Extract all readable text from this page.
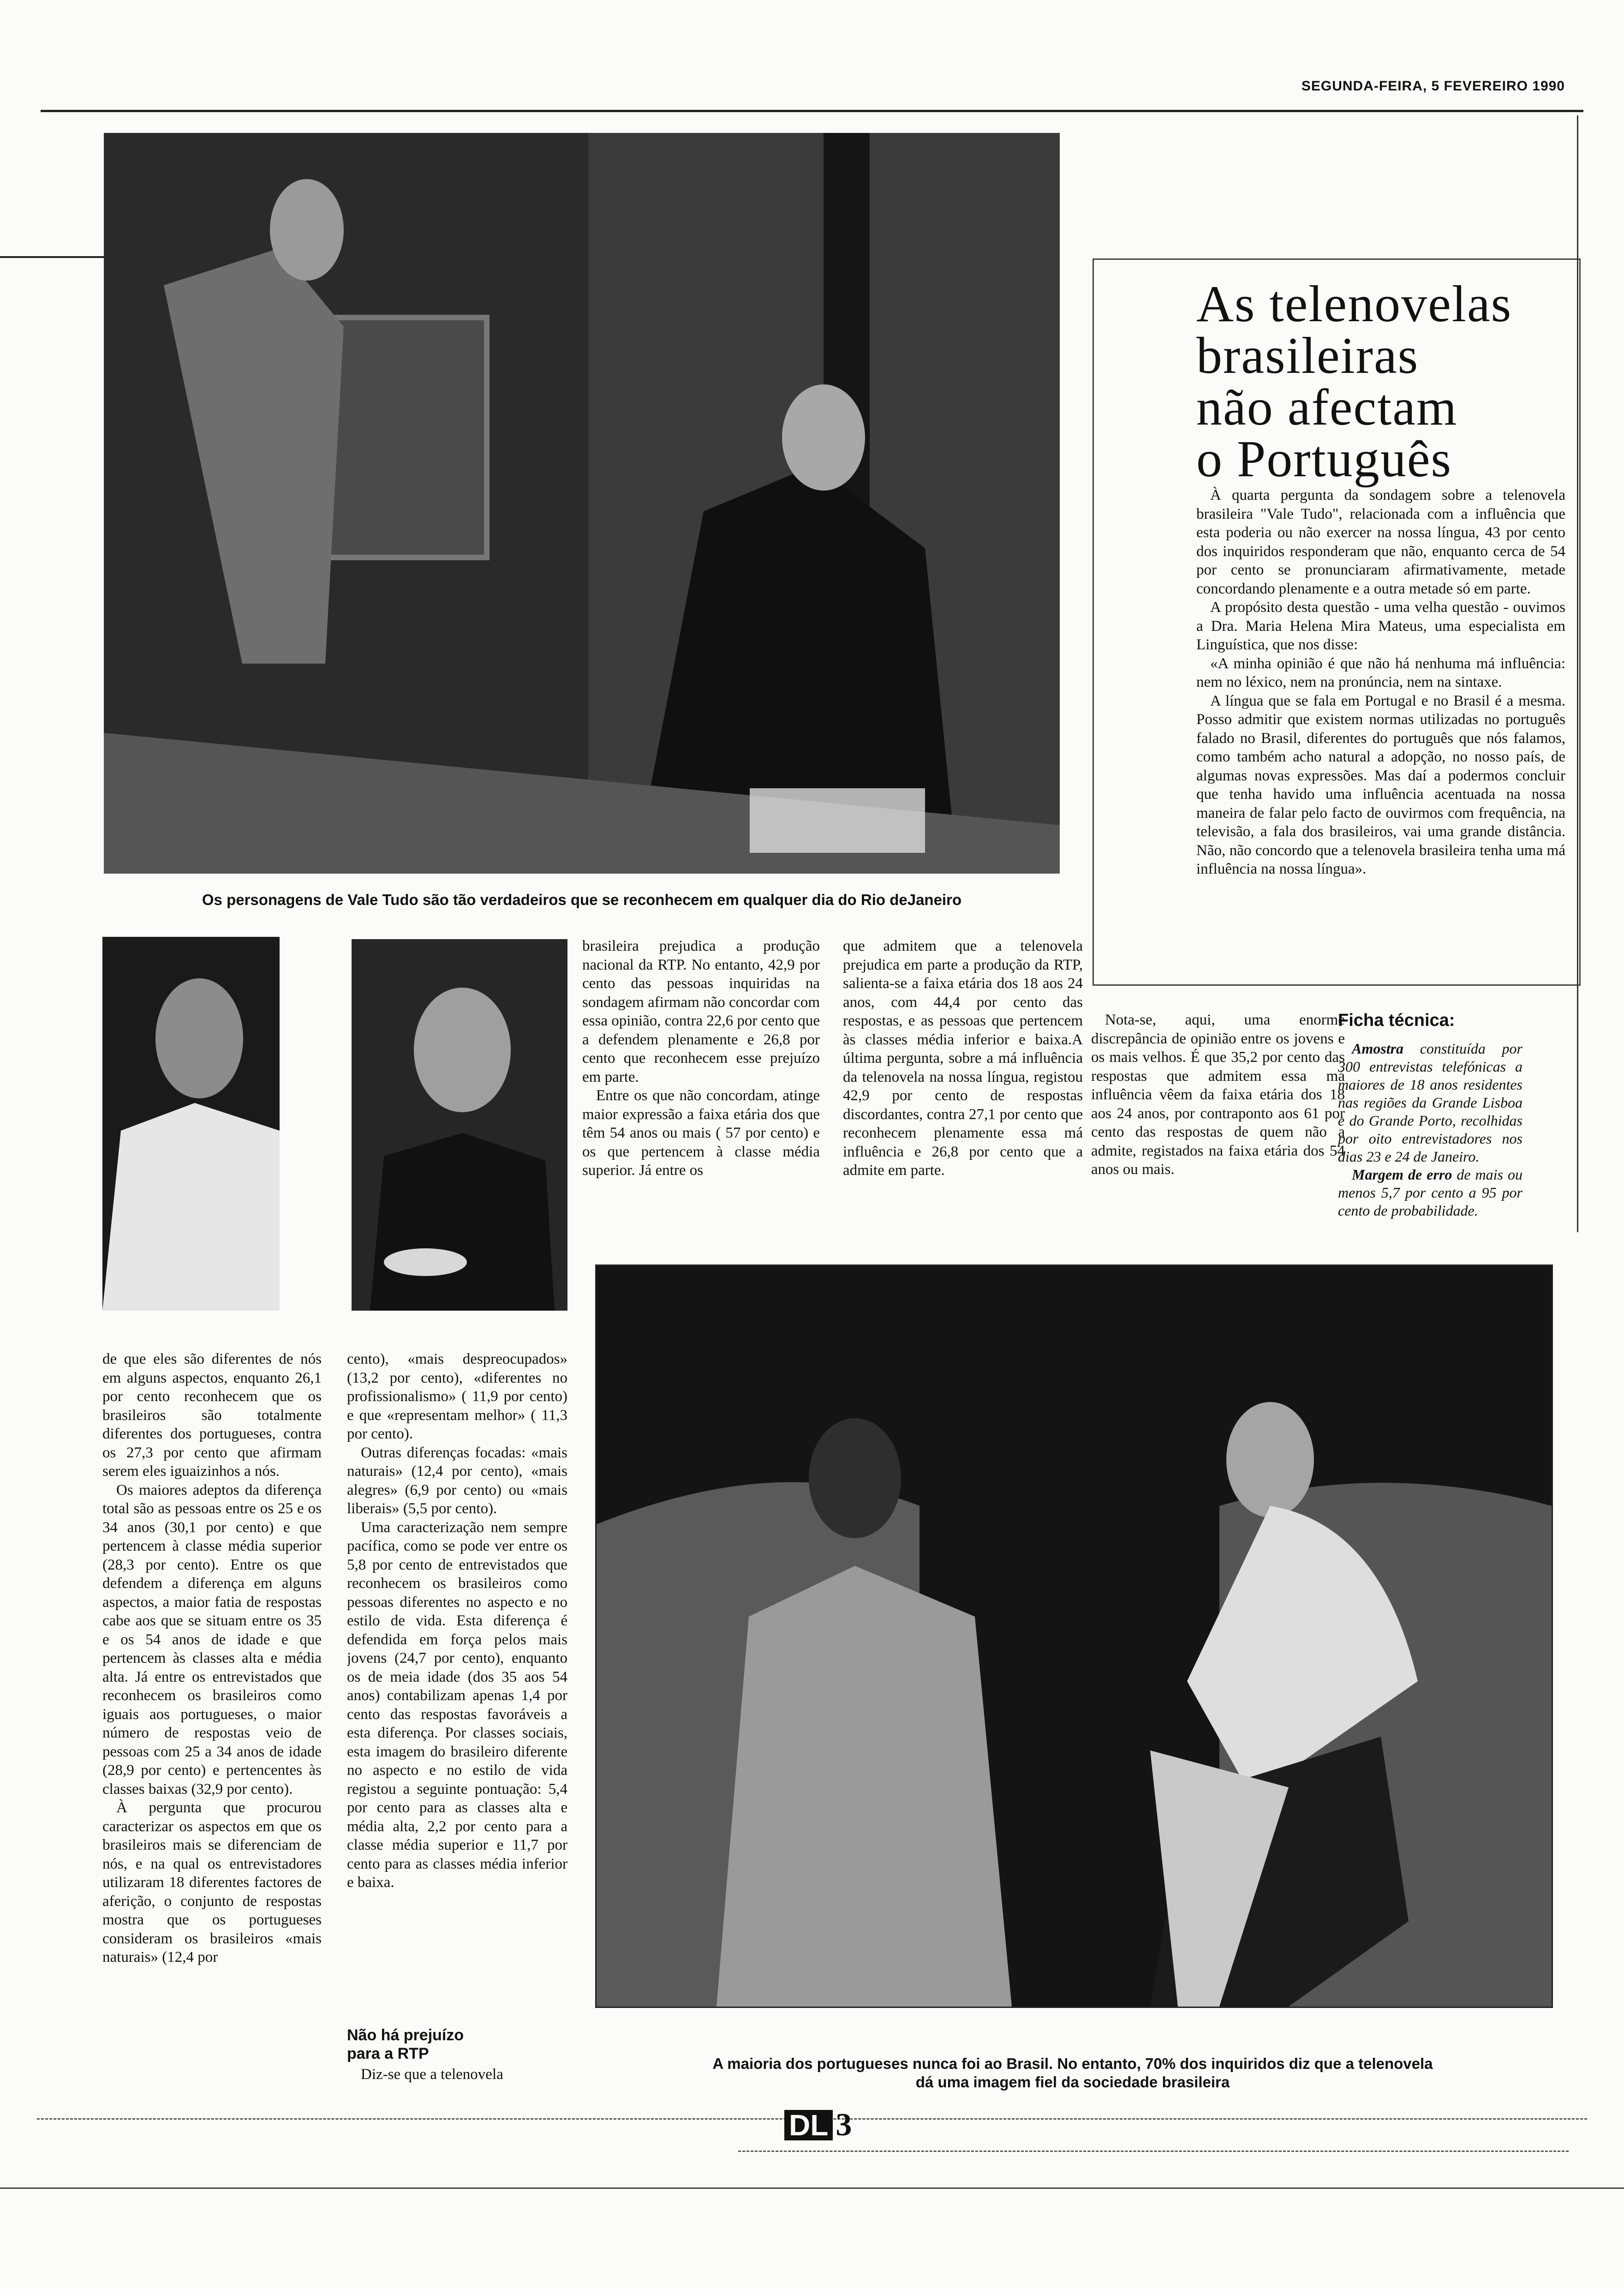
SEGUNDA-FEIRA, 5 FEVEREIRO 1990
Os personagens de Vale Tudo são tão verdadeiros que se reconhecem em qualquer dia do Rio deJaneiro
As telenovelas
brasileiras
não afectam
o Português

À quarta pergunta da sondagem sobre a telenovela brasileira "Vale Tudo", relacionada com a influência que esta poderia ou não exercer na nossa língua, 43 por cento dos inquiridos responderam que não, enquanto cerca de 54 por cento se pronunciaram afirmativamente, metade concordando plenamente e a outra metade só em parte.

A propósito desta questão - uma velha questão - ouvimos a Dra. Maria Helena Mira Mateus, uma especialista em Linguística, que nos disse:

«A minha opinião é que não há nenhuma má influência: nem no léxico, nem na pronúncia, nem na sintaxe.

A língua que se fala em Portugal e no Brasil é a mesma. Posso admitir que existem normas utilizadas no português falado no Brasil, diferentes do português que nós falamos, como também acho natural a adopção, no nosso país, de algumas novas expressões. Mas daí a podermos concluir que tenha havido uma influência acentuada na nossa maneira de falar pelo facto de ouvirmos com frequência, na televisão, a fala dos brasileiros, vai uma grande distância. Não, não concordo que a telenovela brasileira tenha uma má influência na nossa língua».

brasileira prejudica a produção nacional da RTP. No entanto, 42,9 por cento das pessoas inquiridas na sondagem afirmam não concordar com essa opinião, contra 22,6 por cento que a defendem plenamente e 26,8 por cento que reconhecem esse prejuízo em parte.

Entre os que não concordam, atinge maior expressão a faixa etária dos que têm 54 anos ou mais ( 57 por cento) e os que pertencem à classe média superior. Já entre os

que admitem que a telenovela prejudica em parte a produção da RTP, salienta-se a faixa etária dos 18 aos 24 anos, com 44,4 por cento das respostas, e as pessoas que pertencem às classes média inferior e baixa.A última pergunta, sobre a má influência da telenovela na nossa língua, registou 42,9 por cento de respostas discordantes, contra 27,1 por cento que reconhecem plenamente essa má influência e 26,8 por cento que a admite em parte.

Nota-se, aqui, uma enorme discrepância de opinião entre os jovens e os mais velhos. É que 35,2 por cento das respostas que admitem essa má influência vêem da faixa etária dos 18 aos 24 anos, por contraponto aos 61 por cento das respostas de quem não a admite, registados na faixa etária dos 54 anos ou mais.

Ficha técnica:

Amostra constituída por 300 entrevistas telefónicas a maiores de 18 anos residentes nas regiões da Grande Lisboa e do Grande Porto, recolhidas por oito entrevistadores nos dias 23 e 24 de Janeiro.

Margem de erro de mais ou menos 5,7 por cento a 95 por cento de probabilidade.

de que eles são diferentes de nós em alguns aspectos, enquanto 26,1 por cento reconhecem que os brasileiros são totalmente diferentes dos portugueses, contra os 27,3 por cento que afirmam serem eles iguaizinhos a nós.

Os maiores adeptos da diferença total são as pessoas entre os 25 e os 34 anos (30,1 por cento) e que pertencem à classe média superior (28,3 por cento). Entre os que defendem a diferença em alguns aspectos, a maior fatia de respostas cabe aos que se situam entre os 35 e os 54 anos de idade e que pertencem às classes alta e média alta. Já entre os entrevistados que reconhecem os brasileiros como iguais aos portugueses, o maior número de respostas veio de pessoas com 25 a 34 anos de idade (28,9 por cento) e pertencentes às classes baixas (32,9 por cento).

À pergunta que procurou caracterizar os aspectos em que os brasileiros mais se diferenciam de nós, e na qual os entrevistadores utilizaram 18 diferentes factores de aferição, o conjunto de respostas mostra que os portugueses consideram os brasileiros «mais naturais» (12,4 por

cento), «mais despreocupados» (13,2 por cento), «diferentes no profissionalismo» ( 11,9 por cento) e que «representam melhor» ( 11,3 por cento).

Outras diferenças focadas: «mais naturais» (12,4 por cento), «mais alegres» (6,9 por cento) ou «mais liberais» (5,5 por cento).

Uma caracterização nem sempre pacífica, como se pode ver entre os 5,8 por cento de entrevistados que reconhecem os brasileiros como pessoas diferentes no aspecto e no estilo de vida. Esta diferença é defendida em força pelos mais jovens (24,7 por cento), enquanto os de meia idade (dos 35 aos 54 anos) contabilizam apenas 1,4 por cento das respostas favoráveis a esta diferença. Por classes sociais, esta imagem do brasileiro diferente no aspecto e no estilo de vida registou a seguinte pontuação: 5,4 por cento para as classes alta e média alta, 2,2 por cento para a classe média superior e 11,7 por cento para as classes média inferior e baixa.

Não há prejuízo
para a RTP

Diz-se que a telenovela

A maioria dos portugueses nunca foi ao Brasil. No entanto, 70% dos inquiridos diz que a telenovela
dá uma imagem fiel da sociedade brasileira
DL 3
